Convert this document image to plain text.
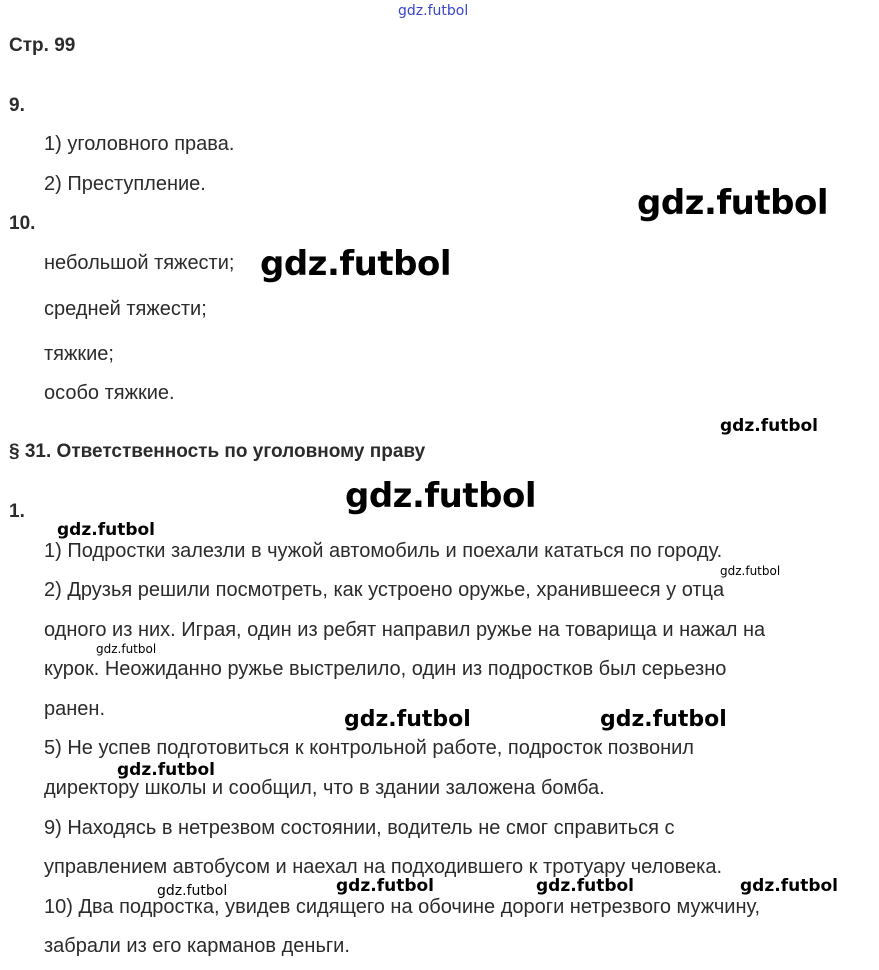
gdz.futbol
Стр. 99
9.
1) уголовного права.
2) Преступление.
10.
небольшой тяжести;
средней тяжести;
тяжкие;
особо тяжкие.
§ 31. Ответственность по уголовному праву
1.
1) Подростки залезли в чужой автомобиль и поехали кататься по городу.
2) Друзья решили посмотреть, как устроено оружье, хранившееся у отца
одного из них. Играя, один из ребят направил ружье на товарища и нажал на
курок. Неожиданно ружье выстрелило, один из подростков был серьезно
ранен.
5) Не успев подготовиться к контрольной работе, подросток позвонил
директору школы и сообщил, что в здании заложена бомба.
9) Находясь в нетрезвом состоянии, водитель не смог справиться с
управлением автобусом и наехал на подходившего к тротуару человека.
10) Два подростка, увидев сидящего на обочине дороги нетрезвого мужчину,
забрали из его карманов деньги.
gdz.futbol
gdz.futbol
gdz.futbol
gdz.futbol
gdz.futbol
gdz.futbol
gdz.futbol
gdz.futbol	gdz.futbol
gdz.futbol
gdz.futbol	gdz.futbol	gdz.futbol
gdz.futbol
